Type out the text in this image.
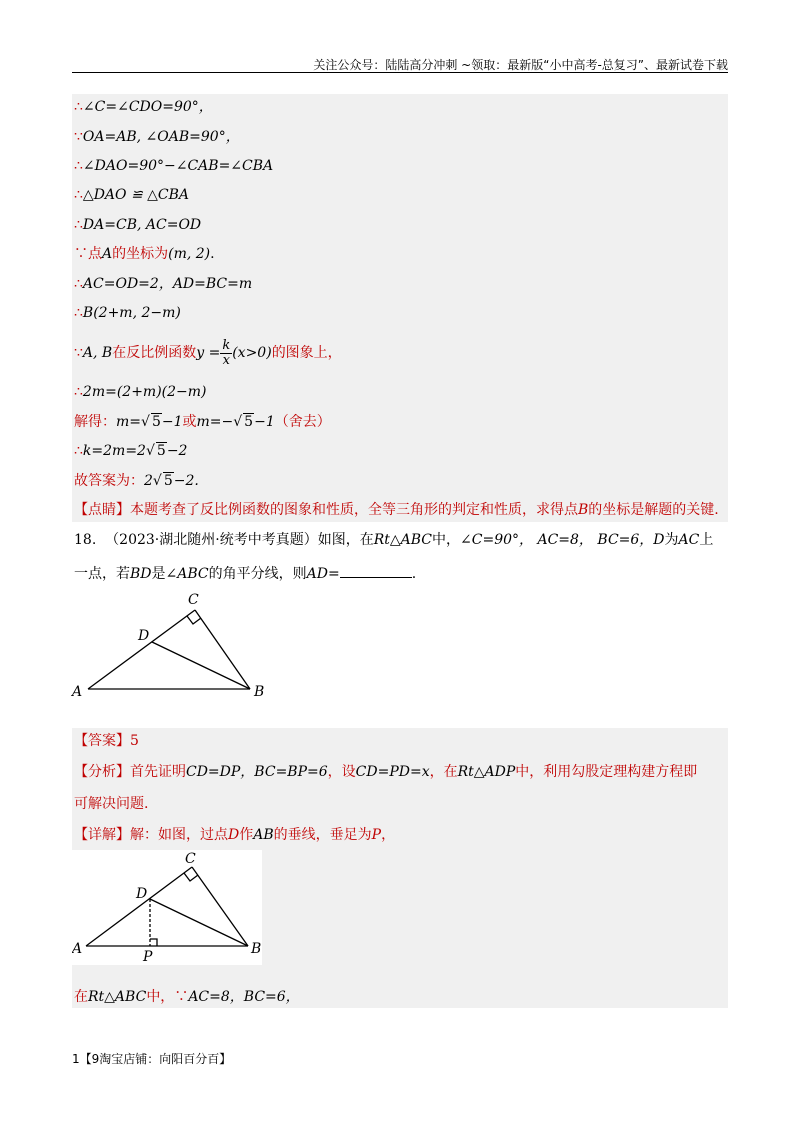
关注公众号：陆陆高分冲刺 ~领取：最新版“小中高考-总复习”、最新试卷下载
∴∠C=∠CDO=90°，
∵OA=AB, ∠OAB=90°，
∴∠DAO=90°−∠CAB=∠CBA
∴△DAO ≌ △CBA
∴DA=CB, AC=OD
∵点A的坐标为(m, 2).
∴AC=OD=2，AD=BC=m
∴B(2+m, 2−m)
∵A, B在反比例函数$y = \frac{k}{x} (x>0)$的图象上，
∴2m=(2+m)(2−m)
解得：m=√ 5−1或m=−√ 5−1（舍去）
∴k=2m=2√ 5−2
故答案为：2√ 5−2.
【点睛】本题考查了反比例函数的图象和性质，全等三角形的判定和性质，求得点B的坐标是解题的关键.
18. （2023·湖北随州·统考中考真题）如图，在Rt△ABC中，∠C=90°， AC=8， BC=6，D为AC上
一点，若BD是∠ABC的角平分线，则AD=	.
C
D
A	B
【答案】5
【分析】首先证明CD=DP，BC=BP=6，设CD=PD=x，在Rt△ADP中，利用勾股定理构建方程即
可解决问题.
【详解】解：如图，过点D作AB的垂线，垂足为P，
C
D
A	B
P
在Rt△ABC中，∵AC=8，BC=6，
1【9淘宝店铺：向阳百分百】
